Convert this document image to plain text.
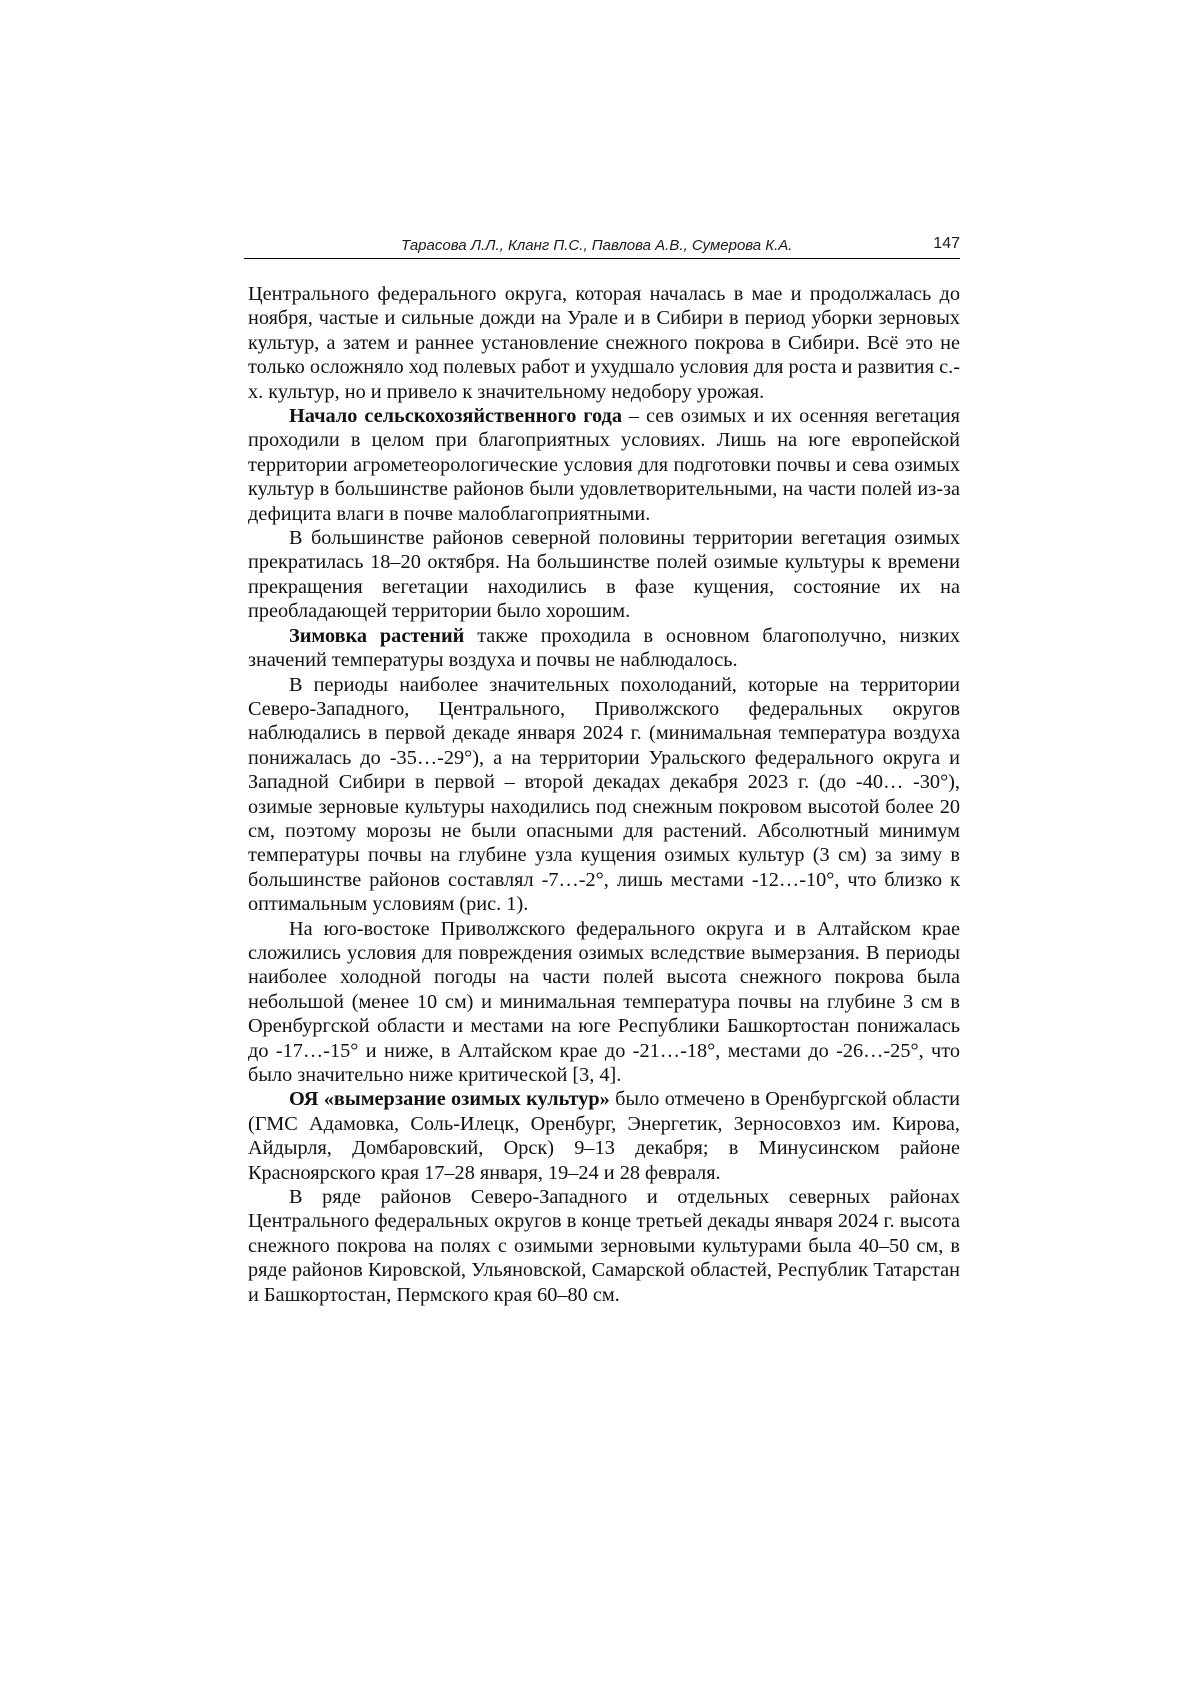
Тарасова Л.Л., Кланг П.С., Павлова А.В., Сумерова К.А.	147

Центрального федерального округа, которая началась в мае и продолжалась до ноября, частые и сильные дожди на Урале и в Сибири в период уборки зерновых культур, а затем и раннее установление снежного покрова в Сибири. Всё это не только осложняло ход полевых работ и ухудшало условия для роста и развития с.-х. культур, но и привело к значительному недобору урожая.

Начало сельскохозяйственного года – сев озимых и их осенняя вегетация проходили в целом при благоприятных условиях. Лишь на юге европейской территории агрометеорологические условия для подготовки почвы и сева озимых культур в большинстве районов были удовлетворительными, на части полей из-за дефицита влаги в почве малоблагоприятными.

В большинстве районов северной половины территории вегетация озимых прекратилась 18–20 октября. На большинстве полей озимые культуры к времени прекращения вегетации находились в фазе кущения, состояние их на преобладающей территории было хорошим.

Зимовка растений также проходила в основном благополучно, низких значений температуры воздуха и почвы не наблюдалось.

В периоды наиболее значительных похолоданий, которые на территории Северо-Западного, Центрального, Приволжского федеральных округов наблюдались в первой декаде января 2024 г. (минимальная температура воздуха понижалась до -35…-29°), а на территории Уральского федерального округа и Западной Сибири в первой – второй декадах декабря 2023 г. (до -40… -30°), озимые зерновые культуры находились под снежным покровом высотой более 20 см, поэтому морозы не были опасными для растений. Абсолютный минимум температуры почвы на глубине узла кущения озимых культур (3 см) за зиму в большинстве районов составлял -7…-2°, лишь местами -12…-10°, что близко к оптимальным условиям (рис. 1).

На юго-востоке Приволжского федерального округа и в Алтайском крае сложились условия для повреждения озимых вследствие вымерзания. В периоды наиболее холодной погоды на части полей высота снежного покрова была небольшой (менее 10 см) и минимальная температура почвы на глубине 3 см в Оренбургской области и местами на юге Республики Башкортостан понижалась до -17…-15° и ниже, в Алтайском крае до -21…-18°, местами до -26…-25°, что было значительно ниже критической [3, 4].

ОЯ «вымерзание озимых культур» было отмечено в Оренбургской области (ГМС Адамовка, Соль-Илецк, Оренбург, Энергетик, Зерносовхоз им. Кирова, Айдырля, Домбаровский, Орск) 9–13 декабря; в Минусинском районе Красноярского края 17–28 января, 19–24 и 28 февраля.

В ряде районов Северо-Западного и отдельных северных районах Центрального федеральных округов в конце третьей декады января 2024 г. высота снежного покрова на полях с озимыми зерновыми культурами была 40–50 см, в ряде районов Кировской, Ульяновской, Самарской областей, Республик Татарстан и Башкортостан, Пермского края 60–80 см.
